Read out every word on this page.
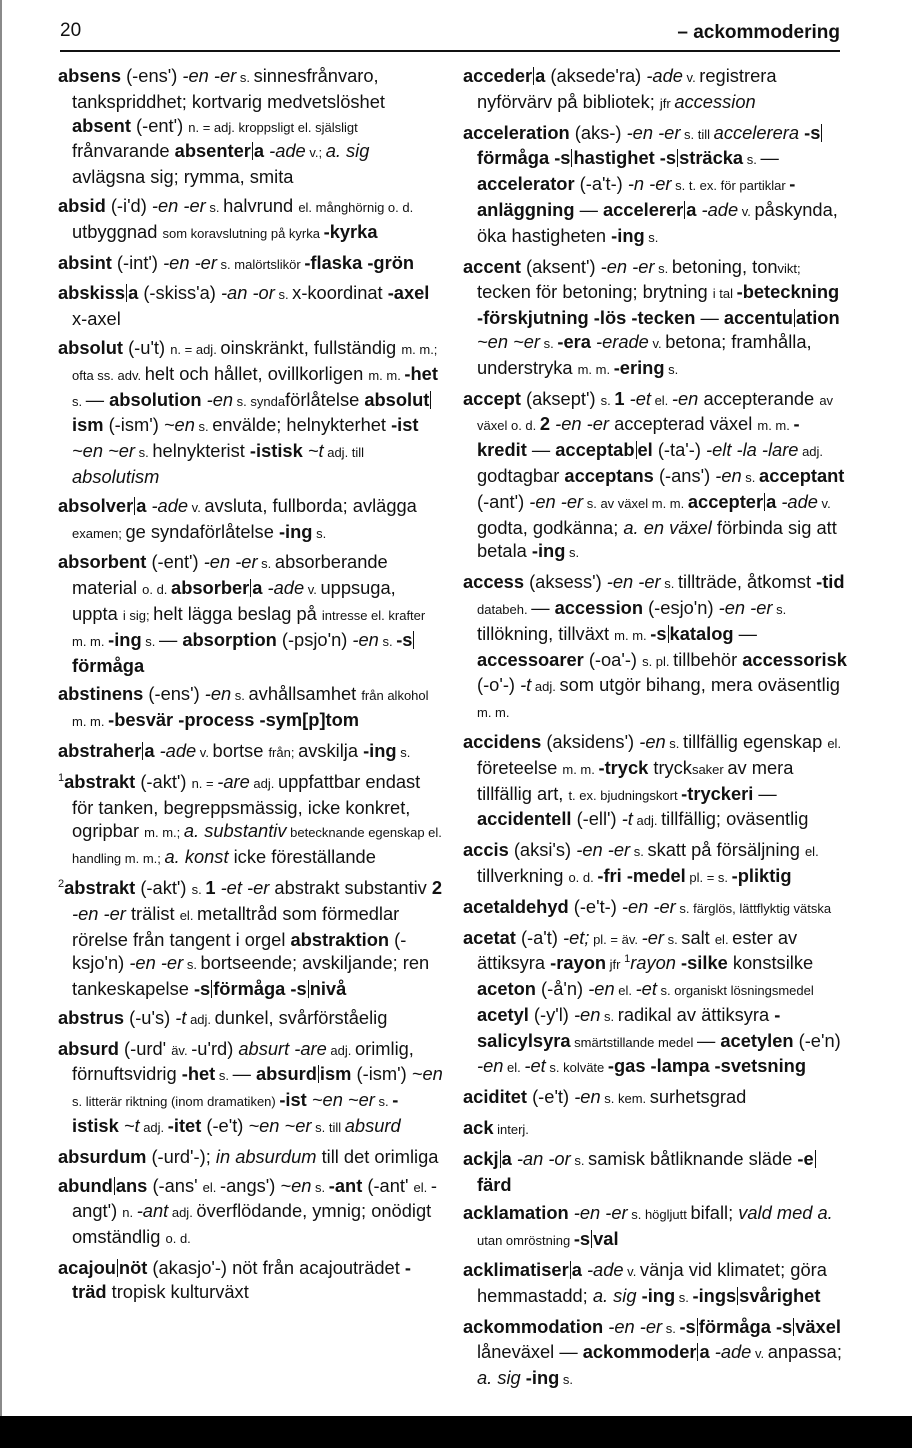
20	– ackommodering
absens (-ens') -en -er s. sinnesfrånvaro, tankspriddhet; kortvarig medvetslöshet absent (-ent') n. = adj. kroppsligt el. själsligt frånvarande absenter a -ade v.; a. sig avlägsna sig; rymma, smita
absid (-i'd) -en -er s. halvrund el. månghörnig o. d. utbyggnad som koravslutning på kyrka -kyrka
absint (-int') -en -er s. malörtslikör -flaska -grön
abskiss a (-skiss'a) -an -or s. x-koordinat -axel x-axel
absolut (-u't) n. = adj. oinskränkt, fullständig m. m.; ofta ss. adv. helt och hållet, ovillkorligen m. m. -het s. — absolution -en s. syndaförlåtelse absolutism (-ism') ~en s. envälde; helnykterhet -ist ~en ~er s. helnykterist -istisk ~t adj. till absolutism
absolver a -ade v. avsluta, fullborda; avlägga examen; ge syndaförlåtelse -ing s.
absorbent (-ent') -en -er s. absorberande material o. d. absorber a -ade v. uppsuga, uppta i sig; helt lägga beslag på intresse el. krafter m. m. -ing s. — absorption (-psjo'n) -en s. -sförmåga
abstinens (-ens') -en s. avhållsamhet från alkohol m. m. -besvär -process -sym[p]tom
abstraher a -ade v. bortse från; avskilja -ing s.
$^1$abstrakt (-akt') n. = -are adj. uppfattbar endast för tanken, begreppsmässig, icke konkret, ogripbar m. m.; a. substantiv betecknande egenskap el. handling m. m.; a. konst icke föreställande
$^2$abstrakt (-akt') s. 1 -et -er abstrakt substantiv 2 -en -er trälist el. metalltråd som förmedlar rörelse från tangent i orgel abstraktion (-ksjo'n) -en -er s. bortseende; avskiljande; ren tankeskapelse -s förmåga -s nivå
abstrus (-u's) -t adj. dunkel, svårförståelig
absurd (-urd' äv. -u'rd) absurt -are adj. orimlig, förnuftsvidrig -het s. — absurd ism (-ism') ~en s. litterär riktning (inom dramatiken) -ist ~en ~er s. -istisk ~t adj. -itet (-e't) ~en ~er s. till absurd
absurdum (-urd'-); in absurdum till det orimliga
abund ans (-ans' el. -angs') ~en s. -ant (-ant' el. -angt') n. -ant adj. överflödande, ymnig; onödigt omständlig o. d.
acajou nöt (akasjo'-) nöt från acajouträdet -träd tropisk kulturväxt
acceder a (aksede'ra) -ade v. registrera nyförvärv på bibliotek; jfr accession
acceleration (aks-) -en -er s. till accelerera -sförmåga -s hastighet -s sträcka s. — accelerator (-a't-) -n -er s. t. ex. för partiklar -anläggning — accelerer a -ade v. påskynda, öka hastigheten -ing s.
accent (aksent') -en -er s. betoning, tonvikt; tecken för betoning; brytning i tal -beteckning -förskjutning -lös -tecken — accentu ation ~en ~er s. -era -erade v. betona; framhålla, understryka m. m. -ering s.
accept (aksept') s. 1 -et el. -en accepterande av växel o. d. 2 -en -er accepterad växel m. m. -kredit — acceptab el (-ta'-) -elt -la -lare adj. godtagbar acceptans (-ans') -en s. acceptant (-ant') -en -er s. av växel m. m. accepter a -ade v. godta, godkänna; a. en växel förbinda sig att betala -ing s.
access (aksess') -en -er s. tillträde, åtkomst -tid databeh. — accession (-esjo'n) -en -er s. tillökning, tillväxt m. m. -s katalog — accessoarer (-oa'-) s. pl. tillbehör accessorisk (-o'-) -t adj. som utgör bihang, mera oväsentlig m. m.
accidens (aksidens') -en s. tillfällig egenskap el. företeelse m. m. -tryck trycksaker av mera tillfällig art, t. ex. bjudningskort -tryckeri — accidentell (-ell') -t adj. tillfällig; oväsentlig
accis (aksi's) -en -er s. skatt på försäljning el. tillverkning o. d. -fri -medel pl. = s. -pliktig
acetaldehyd (-e't-) -en -er s. färglös, lättflyktig vätska
acetat (-a't) -et; pl. = äv. -er s. salt el. ester av ättiksyra -rayon jfr $^1$rayon -silke konstsilke aceton (-å'n) -en el. -et s. organiskt lösningsmedel acetyl (-y'l) -en s. radikal av ättiksyra -salicylsyra smärtstillande medel — acetylen (-e'n) -en el. -et s. kolväte -gas -lampa -svetsning
aciditet (-e't) -en s. kem. surhetsgrad
ack interj.
ackj a -an -or s. samisk båtliknande släde -efärd
acklamation -en -er s. högljutt bifall; vald med a. utan omröstning -s val
acklimatiser a -ade v. vänja vid klimatet; göra hemmastadd; a. sig -ing s. -ings svårighet
ackommodation -en -er s. -s förmåga -s växel låneväxel — ackommoder a -ade v. anpassa; a. sig -ing s.
